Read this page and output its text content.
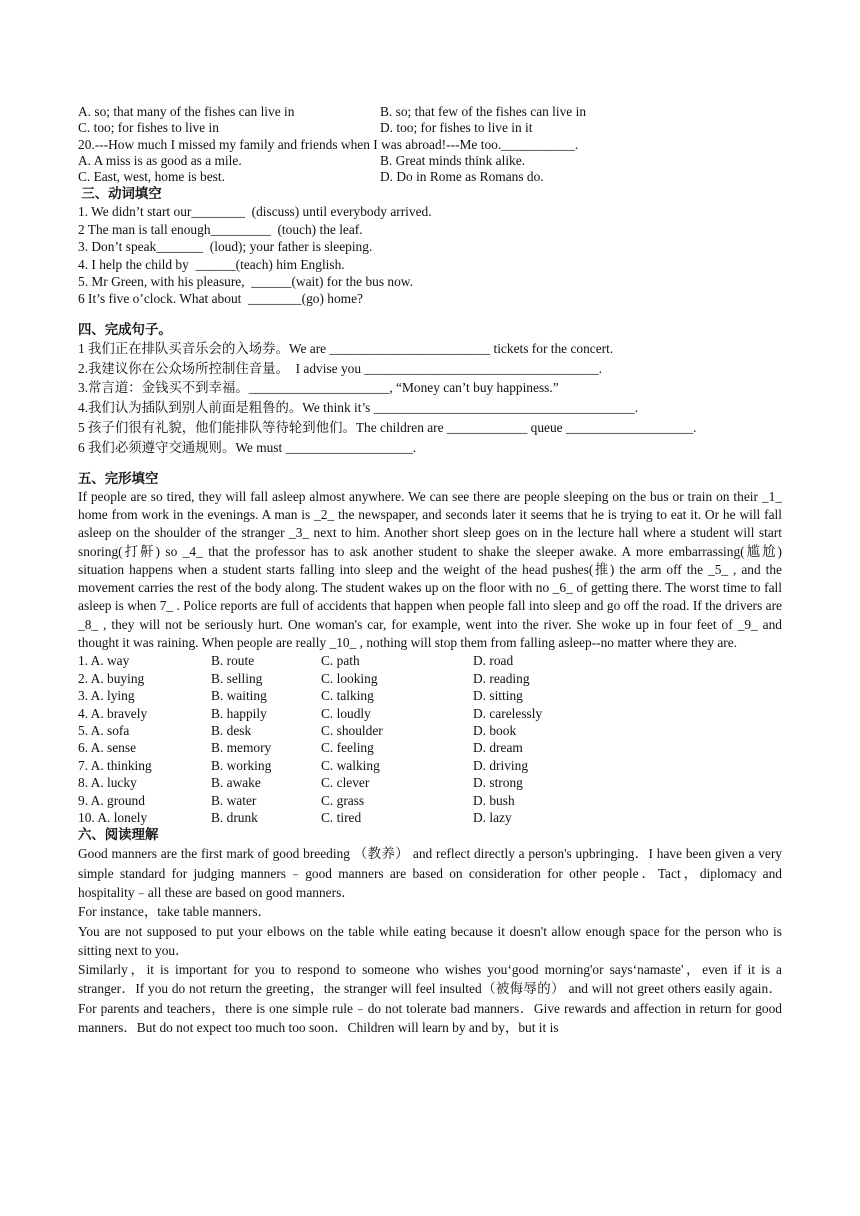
A. so; that many of the fishes can live in	B. so; that few of the fishes can live in
C. too; for fishes to live in	D. too; for fishes to live in it
20.---How much I missed my family and friends when I was abroad!---Me too.___________.
A. A miss is as good as a mile.	B. Great minds think alike.
C. East, west, home is best.	D. Do in Rome as Romans do.
三、动词填空
1. We didn’t start our________  (discuss) until everybody arrived.
2 The man is tall enough_________  (touch) the leaf.
3. Don’t speak_______  (loud); your father is sleeping.
4. I help the child by  ______(teach) him English.
5. Mr Green, with his pleasure,  ______(wait) for the bus now.
6 It’s five o’clock. What about  ________(go) home?
四、完成句子。
1 我们正在排队买音乐会的入场券。We are ________________________ tickets for the concert.
2.我建议你在公众场所控制住音量。  I advise you ___________________________________.
3.常言道：金钱买不到幸福。_____________________, “Money can’t buy happiness.”
4.我们认为插队到别人前面是粗鲁的。We think it’s _______________________________________.
5 孩子们很有礼貌，他们能排队等待轮到他们。The children are ____________ queue ___________________.
6 我们必须遵守交通规则。We must ___________________.
五、完形填空
If people are so tired, they will fall asleep almost anywhere. We can see there are people sleeping on the bus or train on their _1_ home from work in the evenings. A man is _2_ the newspaper, and seconds later it seems that he is trying to eat it. Or he will fall asleep on the shoulder of the stranger _3_ next to him. Another short sleep goes on in the lecture hall where a student will start snoring(打鼾) so _4_ that the professor has to ask another student to shake the sleeper awake. A more embarrassing(尴尬) situation happens when a student starts falling into sleep and the weight of the head pushes(推) the arm off the _5_ , and the movement carries the rest of the body along. The student wakes up on the floor with no _6_ of getting there. The worst time to fall asleep is when 7_ . Police reports are full of accidents that happen when people fall into sleep and go off the road. If the drivers are _8_ , they will not be seriously hurt. One woman's car, for example, went into the river. She woke up in four feet of _9_ and thought it was raining. When people are really _10_ , nothing will stop them from falling asleep--no matter where they are.
1. A. way	B. route	C. path	D. road
2. A. buying	B. selling	C. looking	D. reading
3. A. lying	B. waiting	C. talking	D. sitting
4. A. bravely	B. happily	C. loudly	D. carelessly
5. A. sofa	B. desk	C. shoulder	D. book
6. A. sense	B. memory	C. feeling	D. dream
7. A. thinking	B. working	C. walking	D. driving
8. A. lucky	B. awake	C. clever	D. strong
9. A. ground	B. water	C. grass	D. bush
10. A. lonely	B. drunk	C. tired	D. lazy
六、阅读理解
Good manners are the first mark of good breeding （教养） and reflect directly a person's upbringing．I have been given a very simple standard for judging manners﹣good manners are based on consideration for other people．Tact，diplomacy and hospitality﹣all these are based on good manners．
For instance，take table manners．
You are not supposed to put your elbows on the table while eating because it doesn't allow enough space for the person who is sitting next to you．
Similarly，it is important for you to respond to someone who wishes you‘good morning'or says‘namaste'，even if it is a stranger．If you do not return the greeting，the stranger will feel insulted（被侮辱的） and will not greet others easily again．For parents and teachers，there is one simple rule﹣do not tolerate bad manners．Give rewards and affection in return for good manners．But do not expect too much too soon．Children will learn by and by，but it is
